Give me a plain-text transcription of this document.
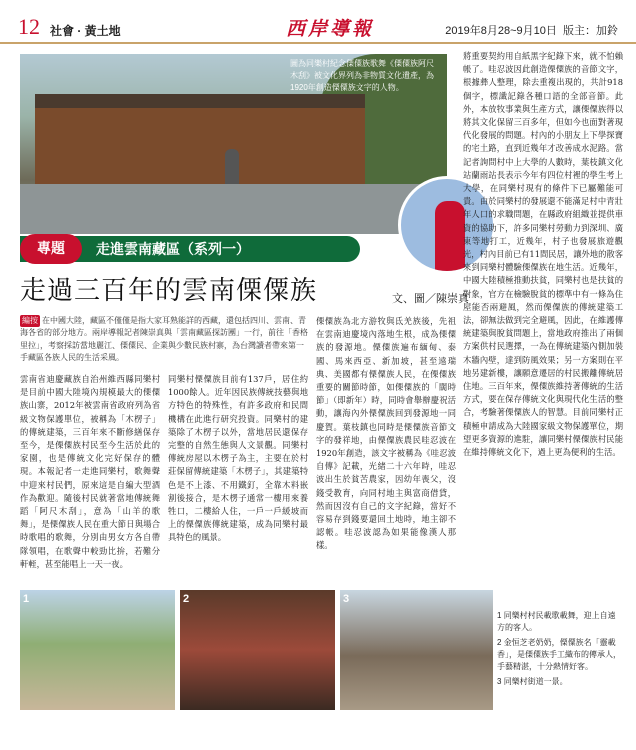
12 社會 · 黃土地	西岸導報	2019年8月28~9月10日 版主：加鈴
圖為同樂村紀念傈僳族歌舞《傈僳族阿尺木刮》被文化界列為非物質文化遺產，為1920年創造傈僳族文字的人物。
專題	走進雲南藏區（系列一）
走過三百年的雲南傈僳族	文、圖／陳崇真
編按 在中國大陸，藏區不僅僅是指大家耳熟能詳的西藏，還包括四川、雲南、青海各省的部分地方。兩岸導報記者陳崇真與「雲南藏區探訪團」一行，前往「香格里拉」，考察採訪當地麗江、傈僳民、企業與少數民族村寨，為台灣讀者帶來第一手藏區各族人民的生活采風。
雲南省迪慶藏族自治州維西縣同樂村是目前中國大陸境內規模最大的傈僳族山寨，2012年被雲南省政府列為省級文物保護單位，被稱為「木楞子」的傳統建築，三百年來不斷修繕保存至今，是傈僳族村民至今生活於此的家園，也是傳統文化完好保存的體現。本報記者一走進同樂村，歌舞聲中迎來村民們，原來這是自編大型酒作為歡迎。隨後村民就著當地傳統舞蹈「阿尺木刮」，意為「山羊的歌舞」，是傈僳族人民在重大節日與場合時歌唱的歌舞，分別由男女方各自帶隊領唱，在歌聲中較勁比拚，若難分軒輊，甚至能唱上一天一夜。
同樂村傈僳族目前有137戶，居住約1000餘人。近年因民族傳統技藝與地方特色的特殊性，有許多政府和民間機構在此進行研究投資。同樂村的建築除了木楞子以外，當地居民還保存完整的自然生態與人文景觀。同樂村傳統房屋以木楞子為主，主要在於村莊保留傳統建築「木楞子」，其建築特色是不上漆、不用鐵釘，全靠木料嵌割後接合，是木楞子通常一樓用來養牲口，二樓給人住，一戶一戶緩坡而上的傈僳族傳統建築，成為同樂村最具特色的風景。
傈僳族為北方游牧與氐羌族後，先祖在雲南迪慶境內落地生根，成為傈僳族的發源地。傈僳族遍布緬甸、泰國、馬來西亞、新加坡，甚至遠瑞典、美國都有傈僳族人民，在傈僳族重要的關節時節，如傈僳族的「闊時節」（即新年）時，同時會舉辦慶祝活動，讓海內外傈僳族回到發源地一同慶賀。葉枝鎮也同時是傈僳族音節文字的發祥地，由傈僳族農民哇忍波在1920年創造，該文字被稱為《哇忍波自傳》記載，光緒二十六年時，哇忍波出生於貧苦農家，因幼年喪父，沒錢受教育，向同村地主與富商借貸，然而因沒有自己的文字紀錄，當好不容易存到錢要還回土地時，地主卻不認帳。哇忍波認為如果能像漢人那樣。
將重要契約用自紙黑字紀錄下來，就不怕賴帳了。哇忍波因此創造傈僳族的音節文字，根據彝人整理，除去重複出現的，共計918個字，標識記錄各種口語的全部音節。此外，本放牧事業與生產方式，讓傈僳族得以將其文化保留三百多年，但如今也面對著現代化發展的問題。村內的小朋友上下學探寶的宅土路，直到近幾年才改善成水泥路。當記者詢問村中上大學的人數時，葉枝鎮文化站蘭雨站長表示今年有四位村裡的學生考上大學，在同樂村現有的條件下已屬難能可貴。由於同樂村的發展還不能滿足村中青壯年人口的求職問題，在縣政府組織並提供車資的協助下，許多同樂村勞動力到深圳、廣東等地打工，近幾年，村子也發展旅遊觀光，村內目前已有11間民居，讓外地的散客來到同樂村體驗傈僳族在地生活。近幾年，中國大陸積極推動扶貧，同樂村也是扶貧的對象，官方在檢驗脫貧的標準中有一條為住屋能否兩避風，然而傈僳族的傳統建築工法，卻無法做到完全避風，因此，在維護傳統建築與脫貧問題上，當地政府推出了兩個方案供村民選擇，一為在傳統建築內側加裝木牆內壁，達到防風效果；另一方案則在平地另建新樓，讓願意遷居的村民搬離傳統居住地。三百年來，傈僳族維持著傳統的生活方式，要在保存傳統文化與現代化生活的整合，考驗著傈僳族人的智慧。目前同樂村正積極申請成為大陸國家級文物保護單位，期望更多資源的進駐，讓同樂村傈僳族村民能在維持傳統文化下，過上更為便利的生活。
1	2	3

1 同樂村村民載歌載舞，迎上自遠方的客人。

2 金恒芝老奶奶，傈僳族名「靈載香」，是傈僳族手工織布的傳承人，手藝精湛，十分熱情好客。

3 同樂村街道一景。
